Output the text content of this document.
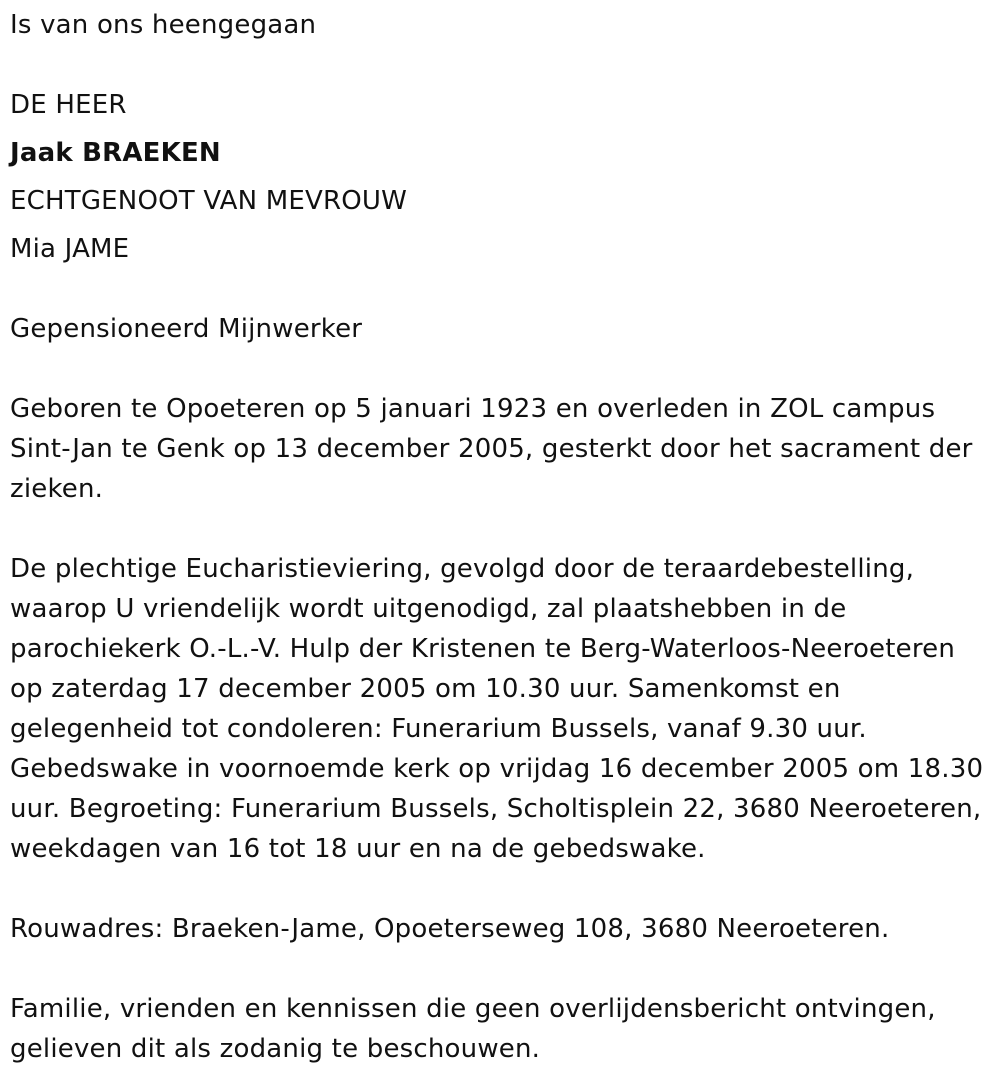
Is van ons heengegaan
DE HEER
Jaak BRAEKEN
ECHTGENOOT VAN MEVROUW
Mia JAME
Gepensioneerd Mijnwerker
Geboren te Opoeteren op 5 januari 1923 en overleden in ZOL campus
Sint-Jan te Genk op 13 december 2005, gesterkt door het sacrament der
zieken.
De plechtige Eucharistieviering, gevolgd door de teraardebestelling,
waarop U vriendelijk wordt uitgenodigd, zal plaatshebben in de
parochiekerk O.-L.-V. Hulp der Kristenen te Berg-Waterloos-Neeroeteren
op zaterdag 17 december 2005 om 10.30 uur. Samenkomst en
gelegenheid tot condoleren: Funerarium Bussels, vanaf 9.30 uur.
Gebedswake in voornoemde kerk op vrijdag 16 december 2005 om 18.30
uur. Begroeting: Funerarium Bussels, Scholtisplein 22, 3680 Neeroeteren,
weekdagen van 16 tot 18 uur en na de gebedswake.
Rouwadres: Braeken-Jame, Opoeterseweg 108, 3680 Neeroeteren.
Familie, vrienden en kennissen die geen overlijdensbericht ontvingen,
gelieven dit als zodanig te beschouwen.
